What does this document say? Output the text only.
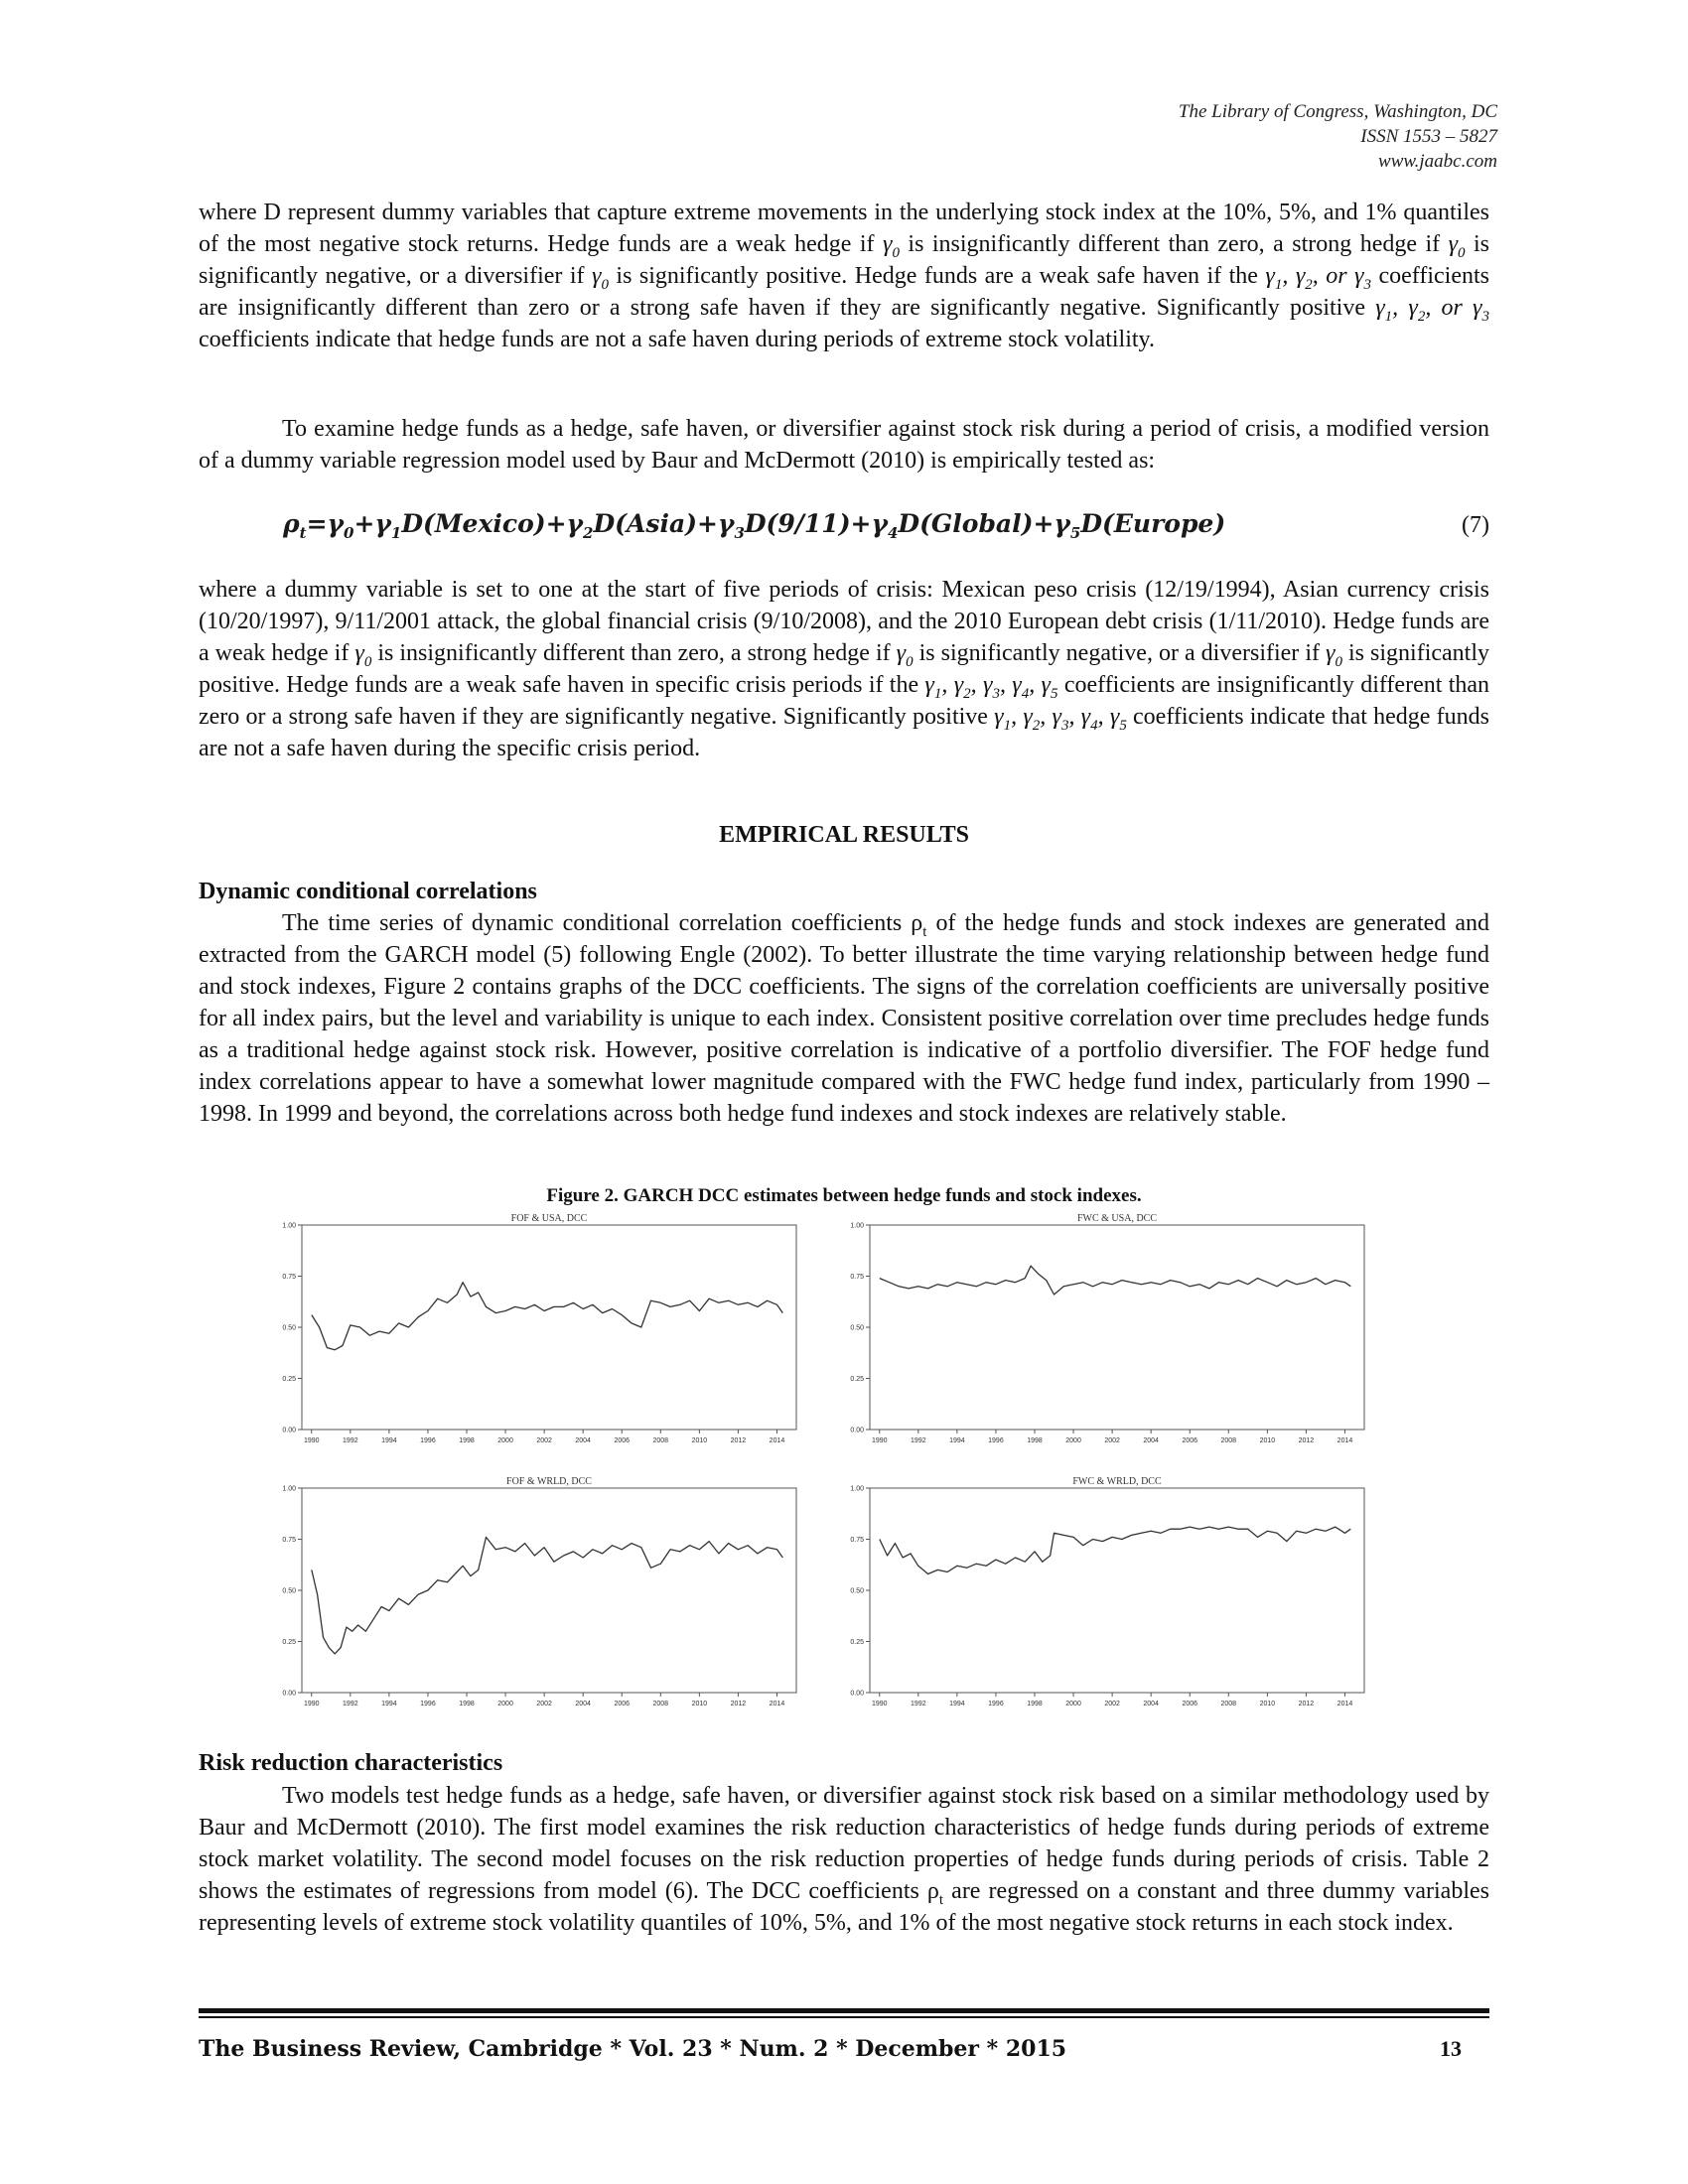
The Library of Congress, Washington, DC
ISSN 1553 – 5827
www.jaabc.com

where D represent dummy variables that capture extreme movements in the underlying stock index at the 10%, 5%, and 1% quantiles of the most negative stock returns. Hedge funds are a weak hedge if $\gamma_0$ is insignificantly different than zero, a strong hedge if $\gamma_0$ is significantly negative, or a diversifier if $\gamma_0$ is significantly positive. Hedge funds are a weak safe haven if the $\gamma_1$, $\gamma_2$, or $\gamma_3$ coefficients are insignificantly different than zero or a strong safe haven if they are significantly negative. Significantly positive $\gamma_1$, $\gamma_2$, or $\gamma_3$ coefficients indicate that hedge funds are not a safe haven during periods of extreme stock volatility.

To examine hedge funds as a hedge, safe haven, or diversifier against stock risk during a period of crisis, a modified version of a dummy variable regression model used by Baur and McDermott (2010) is empirically tested as:

$\rho_t=\gamma_0+\gamma_1D(Mexico)+\gamma_2D(Asia)+\gamma_3D(9/11)+\gamma_4D(Global)+\gamma_5D(Europe)$	(7)

where a dummy variable is set to one at the start of five periods of crisis: Mexican peso crisis (12/19/1994), Asian currency crisis (10/20/1997), 9/11/2001 attack, the global financial crisis (9/10/2008), and the 2010 European debt crisis (1/11/2010). Hedge funds are a weak hedge if $\gamma_0$ is insignificantly different than zero, a strong hedge if $\gamma_0$ is significantly negative, or a diversifier if $\gamma_0$ is significantly positive. Hedge funds are a weak safe haven in specific crisis periods if the $\gamma_1$, $\gamma_2$, $\gamma_3$, $\gamma_4$, $\gamma_5$ coefficients are insignificantly different than zero or a strong safe haven if they are significantly negative. Significantly positive $\gamma_1$, $\gamma_2$, $\gamma_3$, $\gamma_4$, $\gamma_5$ coefficients indicate that hedge funds are not a safe haven during the specific crisis period.

EMPIRICAL RESULTS
Dynamic conditional correlations

The time series of dynamic conditional correlation coefficients $\rho_t$ of the hedge funds and stock indexes are generated and extracted from the GARCH model (5) following Engle (2002). To better illustrate the time varying relationship between hedge fund and stock indexes, Figure 2 contains graphs of the DCC coefficients. The signs of the correlation coefficients are universally positive for all index pairs, but the level and variability is unique to each index. Consistent positive correlation over time precludes hedge funds as a traditional hedge against stock risk. However, positive correlation is indicative of a portfolio diversifier. The FOF hedge fund index correlations appear to have a somewhat lower magnitude compared with the FWC hedge fund index, particularly from 1990 – 1998. In 1999 and beyond, the correlations across both hedge fund indexes and stock indexes are relatively stable.

Figure 2. GARCH DCC estimates between hedge funds and stock indexes.
FOF & USA, DCC
0.00
0.25
0.50
0.75
1.00
1990	1992	1994	1996	1998	2000	2002	2004	2006	2008	2010	2012	2014
FWC & USA, DCC
0.00
0.25
0.50
0.75
1.00
1990	1992	1994	1996	1998	2000	2002	2004	2006	2008	2010	2012	2014
FOF & WRLD, DCC
0.00
0.25
0.50
0.75
1.00
1990	1992	1994	1996	1998	2000	2002	2004	2006	2008	2010	2012	2014
FWC & WRLD, DCC
0.00
0.25
0.50
0.75
1.00
1990	1992	1994	1996	1998	2000	2002	2004	2006	2008	2010	2012	2014
Risk reduction characteristics

Two models test hedge funds as a hedge, safe haven, or diversifier against stock risk based on a similar methodology used by Baur and McDermott (2010). The first model examines the risk reduction characteristics of hedge funds during periods of extreme stock market volatility. The second model focuses on the risk reduction properties of hedge funds during periods of crisis. Table 2 shows the estimates of regressions from model (6). The DCC coefficients $\rho_t$ are regressed on a constant and three dummy variables representing levels of extreme stock volatility quantiles of 10%, 5%, and 1% of the most negative stock returns in each stock index.

The Business Review, Cambridge * Vol. 23 * Num. 2 * December * 2015	13
